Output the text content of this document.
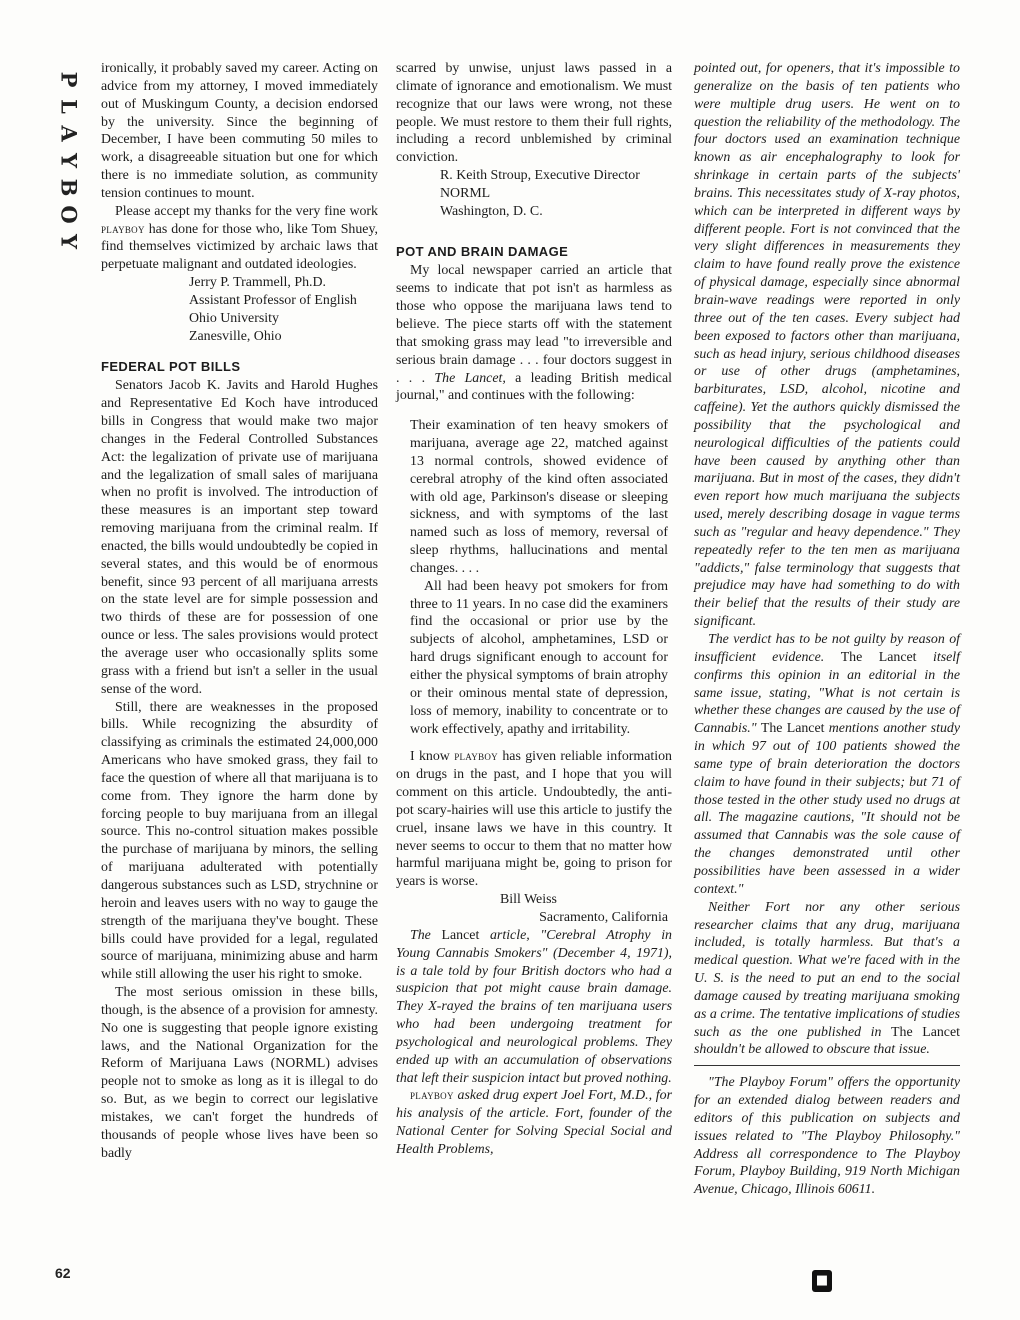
P
L
A
Y
B
O
Y
62

ironically, it probably saved my career. Acting on advice from my attorney, I moved immediately out of Muskingum County, a decision endorsed by the university. Since the beginning of December, I have been commuting 50 miles to work, a disagreeable situation but one for which there is no immediate solution, as community tension continues to mount.

Please accept my thanks for the very fine work playboy has done for those who, like Tom Shuey, find themselves victimized by archaic laws that perpetuate malignant and outdated ideologies.

Jerry P. Trammell, Ph.D.

Assistant Professor of English

Ohio University

Zanesville, Ohio

FEDERAL POT BILLS

Senators Jacob K. Javits and Harold Hughes and Representative Ed Koch have introduced bills in Congress that would make two major changes in the Federal Controlled Substances Act: the legalization of private use of marijuana and the legalization of small sales of marijuana when no profit is involved. The introduction of these measures is an important step toward removing marijuana from the criminal realm. If enacted, the bills would undoubtedly be copied in several states, and this would be of enormous benefit, since 93 percent of all marijuana arrests on the state level are for simple possession and two thirds of these are for possession of one ounce or less. The sales provisions would protect the average user who occasionally splits some grass with a friend but isn't a seller in the usual sense of the word.

Still, there are weaknesses in the proposed bills. While recognizing the absurdity of classifying as criminals the estimated 24,000,000 Americans who have smoked grass, they fail to face the question of where all that marijuana is to come from. They ignore the harm done by forcing people to buy marijuana from an illegal source. This no-control situation makes possible the purchase of marijuana by minors, the selling of marijuana adulterated with potentially dangerous substances such as LSD, strychnine or heroin and leaves users with no way to gauge the strength of the marijuana they've bought. These bills could have provided for a legal, regulated source of marijuana, minimizing abuse and harm while still allowing the user his right to smoke.

The most serious omission in these bills, though, is the absence of a provision for amnesty. No one is suggesting that people ignore existing laws, and the National Organization for the Reform of Marijuana Laws (NORML) advises people not to smoke as long as it is illegal to do so. But, as we begin to correct our legislative mistakes, we can't forget the hundreds of thousands of people whose lives have been so badly

scarred by unwise, unjust laws passed in a climate of ignorance and emotionalism. We must recognize that our laws were wrong, not these people. We must restore to them their full rights, including a record unblemished by criminal conviction.

R. Keith Stroup, Executive Director

NORML

Washington, D. C.

POT AND BRAIN DAMAGE

My local newspaper carried an article that seems to indicate that pot isn't as harmless as those who oppose the marijuana laws tend to believe. The piece starts off with the statement that smoking grass may lead "to irreversible and serious brain damage . . . four doctors suggest in . . . The Lancet, a leading British medical journal," and continues with the following:

Their examination of ten heavy smokers of marijuana, average age 22, matched against 13 normal controls, showed evidence of cerebral atrophy of the kind often associated with old age, Parkinson's disease or sleeping sickness, and with symptoms of the last named such as loss of memory, reversal of sleep rhythms, hallucinations and mental changes. . . .

All had been heavy pot smokers for from three to 11 years. In no case did the examiners find the occasional or prior use by the subjects of alcohol, amphetamines, LSD or hard drugs significant enough to account for either the physical symptoms of brain atrophy or their ominous mental state of depression, loss of memory, inability to concentrate or to work effectively, apathy and irritability.

I know playboy has given reliable information on drugs in the past, and I hope that you will comment on this article. Undoubtedly, the anti-pot scary-hairies will use this article to justify the cruel, insane laws we have in this country. It never seems to occur to them that no matter how harmful marijuana might be, going to prison for years is worse.

Bill Weiss

Sacramento, California

The Lancet article, "Cerebral Atrophy in Young Cannabis Smokers" (December 4, 1971), is a tale told by four British doctors who had a suspicion that pot might cause brain damage. They X-rayed the brains of ten marijuana users who had been undergoing treatment for psychological and neurological problems. They ended up with an accumulation of observations that left their suspicion intact but proved nothing.

playboy asked drug expert Joel Fort, M.D., for his analysis of the article. Fort, founder of the National Center for Solving Special Social and Health Problems,

pointed out, for openers, that it's impossible to generalize on the basis of ten patients who were multiple drug users. He went on to question the reliability of the methodology. The four doctors used an examination technique known as air encephalography to look for shrinkage in certain parts of the subjects' brains. This necessitates study of X-ray photos, which can be interpreted in different ways by different people. Fort is not convinced that the very slight differences in measurements they claim to have found really prove the existence of physical damage, especially since abnormal brain-wave readings were reported in only three out of the ten cases. Every subject had been exposed to factors other than marijuana, such as head injury, serious childhood diseases or use of other drugs (amphetamines, barbiturates, LSD, alcohol, nicotine and caffeine). Yet the authors quickly dismissed the possibility that the psychological and neurological difficulties of the patients could have been caused by anything other than marijuana. But in most of the cases, they didn't even report how much marijuana the subjects used, merely describing dosage in vague terms such as "regular and heavy dependence." They repeatedly refer to the ten men as marijuana "addicts," false terminology that suggests that prejudice may have had something to do with their belief that the results of their study are significant.

The verdict has to be not guilty by reason of insufficient evidence. The Lancet itself confirms this opinion in an editorial in the same issue, stating, "What is not certain is whether these changes are caused by the use of Cannabis." The Lancet mentions another study in which 97 out of 100 patients showed the same type of brain deterioration the doctors claim to have found in their subjects; but 71 of those tested in the other study used no drugs at all. The magazine cautions, "It should not be assumed that Cannabis was the sole cause of the changes demonstrated until other possibilities have been assessed in a wider context."

Neither Fort nor any other serious researcher claims that any drug, marijuana included, is totally harmless. But that's a medical question. What we're faced with in the U. S. is the need to put an end to the social damage caused by treating marijuana smoking as a crime. The tentative implications of studies such as the one published in The Lancet shouldn't be allowed to obscure that issue.

"The Playboy Forum" offers the opportunity for an extended dialog between readers and editors of this publication on subjects and issues related to "The Playboy Philosophy." Address all correspondence to The Playboy Forum, Playboy Building, 919 North Michigan Avenue, Chicago, Illinois 60611.

■
